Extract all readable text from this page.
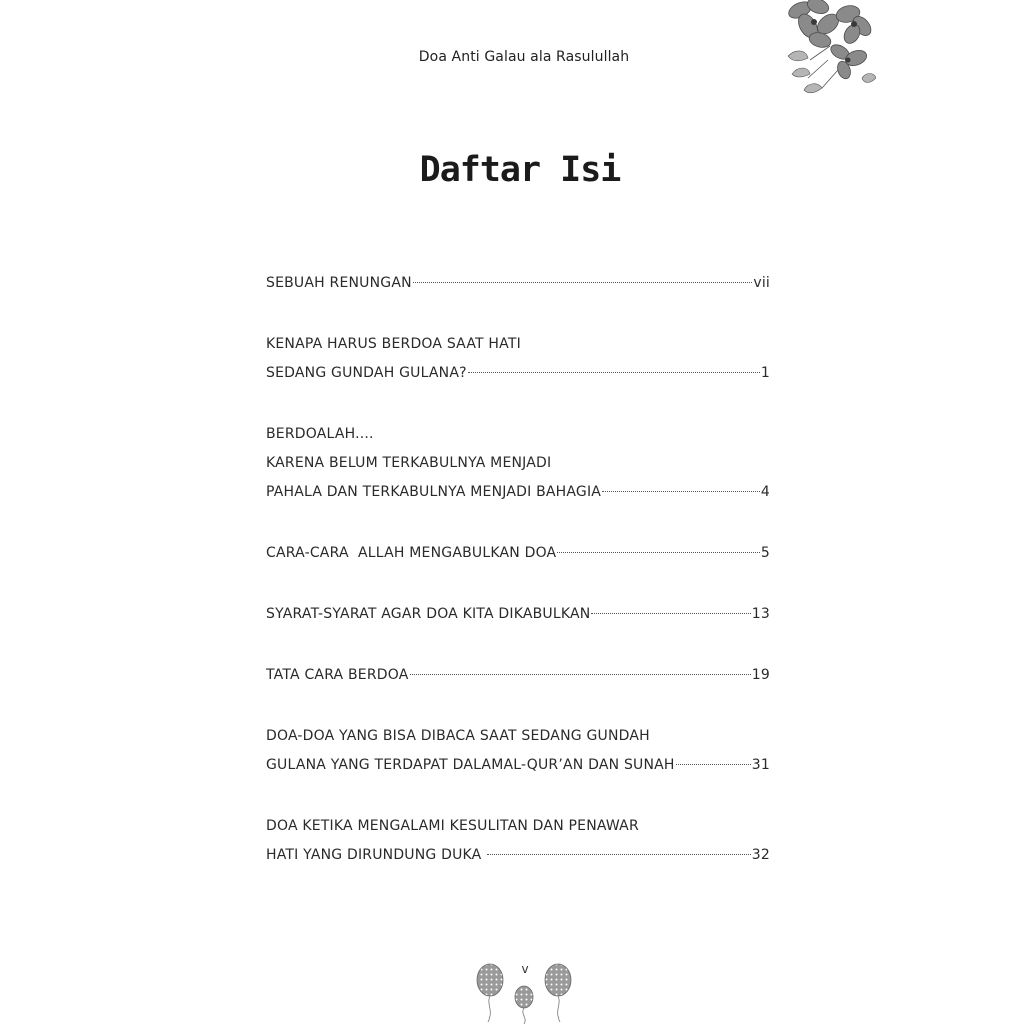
Doa Anti Galau ala Rasulullah
Daftar Isi
SEBUAH RENUNGAN	vii
KENAPA HARUS BERDOA SAAT HATI
SEDANG GUNDAH GULANA?	1
BERDOALAH....
KARENA BELUM TERKABULNYA MENJADI
PAHALA DAN TERKABULNYA MENJADI BAHAGIA	4
CARA-CARA  ALLAH MENGABULKAN DOA	5
SYARAT-SYARAT AGAR DOA KITA DIKABULKAN	13
TATA CARA BERDOA	19
DOA-DOA YANG BISA DIBACA SAAT SEDANG GUNDAH
GULANA YANG TERDAPAT DALAMAL-QUR’AN DAN SUNAH	31
DOA KETIKA MENGALAMI KESULITAN DAN PENAWAR
HATI YANG DIRUNDUNG DUKA	32
v
